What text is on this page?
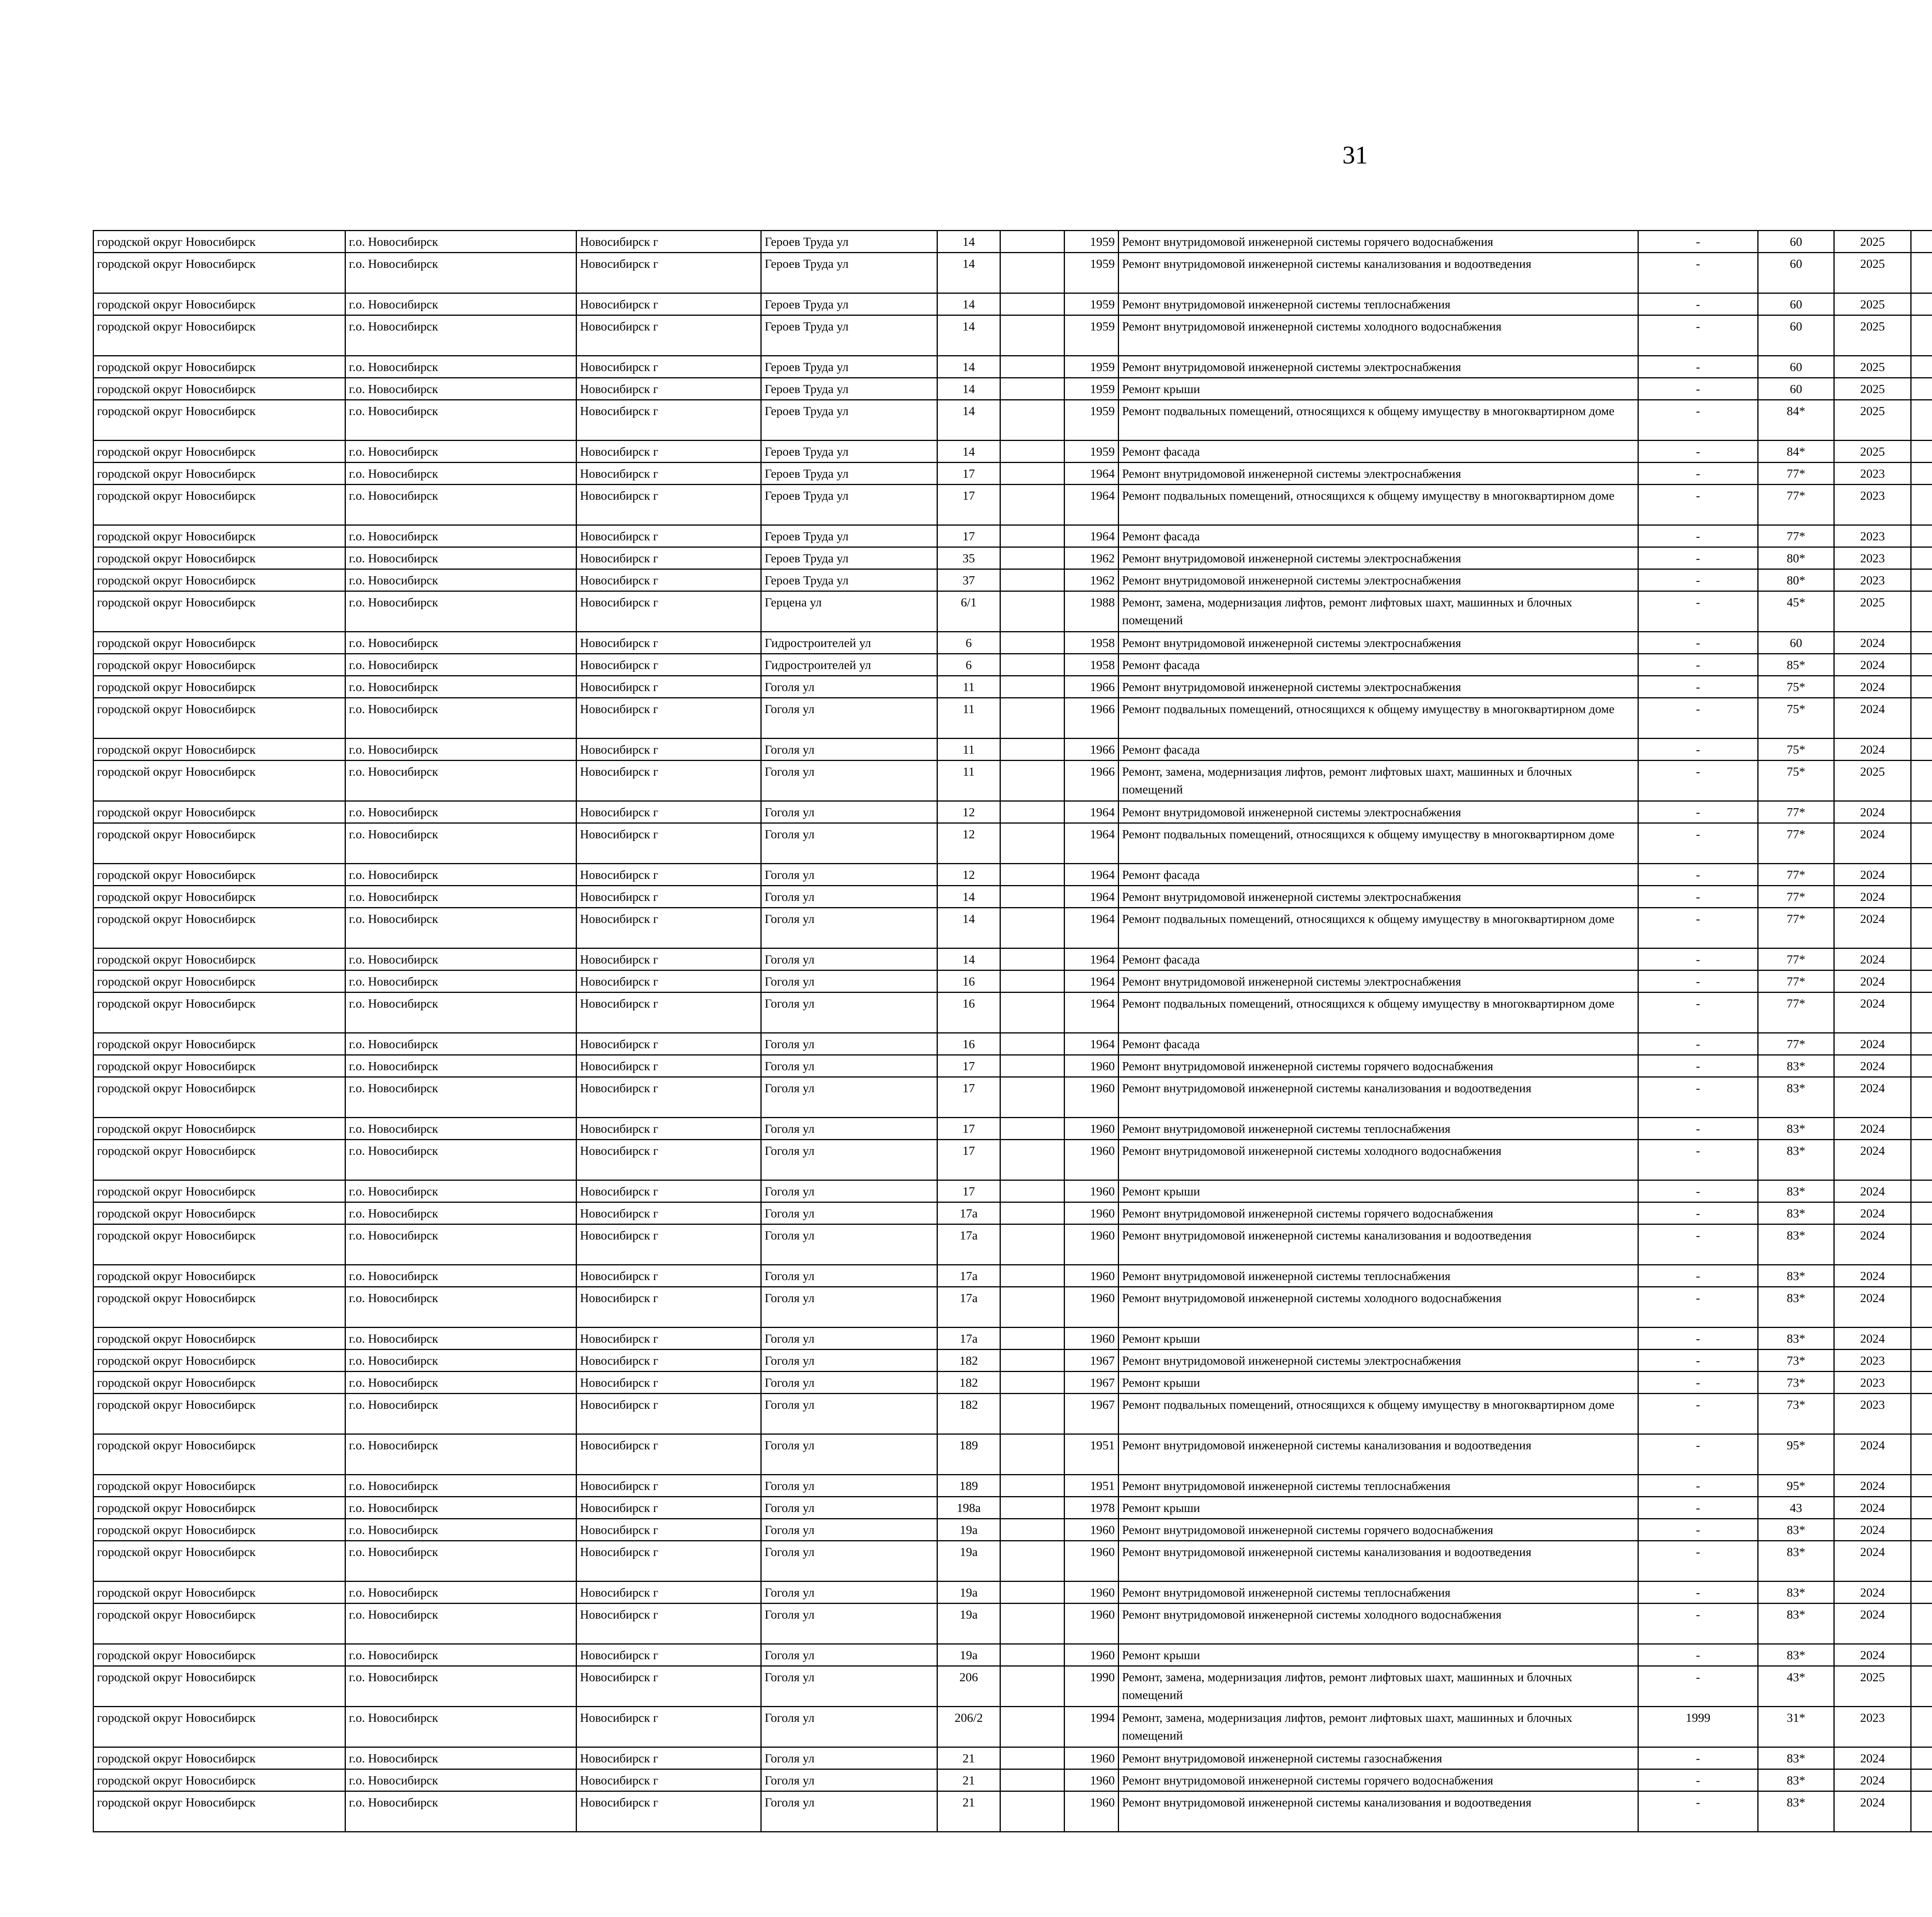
31
городской округ Новосибирск	г.о. Новосибирск	Новосибирск г	Героев Труда ул	14		1959	Ремонт внутридомовой инженерной системы горячего водоснабжения	-	60	2025							
городской округ Новосибирск	г.о. Новосибирск	Новосибирск г	Героев Труда ул	14		1959	Ремонт внутридомовой инженерной системы канализования и водоотведения	-	60	2025							
городской округ Новосибирск	г.о. Новосибирск	Новосибирск г	Героев Труда ул	14		1959	Ремонт внутридомовой инженерной системы теплоснабжения	-	60	2025							
городской округ Новосибирск	г.о. Новосибирск	Новосибирск г	Героев Труда ул	14		1959	Ремонт внутридомовой инженерной системы холодного водоснабжения	-	60	2025							
городской округ Новосибирск	г.о. Новосибирск	Новосибирск г	Героев Труда ул	14		1959	Ремонт внутридомовой инженерной системы электроснабжения	-	60	2025							
городской округ Новосибирск	г.о. Новосибирск	Новосибирск г	Героев Труда ул	14		1959	Ремонт крыши	-	60	2025							
городской округ Новосибирск	г.о. Новосибирск	Новосибирск г	Героев Труда ул	14		1959	Ремонт подвальных помещений, относящихся к общему имуществу в многоквартирном доме	-	84*	2025							
городской округ Новосибирск	г.о. Новосибирск	Новосибирск г	Героев Труда ул	14		1959	Ремонт фасада	-	84*	2025							
городской округ Новосибирск	г.о. Новосибирск	Новосибирск г	Героев Труда ул	17		1964	Ремонт внутридомовой инженерной системы электроснабжения	-	77*	2023							
городской округ Новосибирск	г.о. Новосибирск	Новосибирск г	Героев Труда ул	17		1964	Ремонт подвальных помещений, относящихся к общему имуществу в многоквартирном доме	-	77*	2023							
городской округ Новосибирск	г.о. Новосибирск	Новосибирск г	Героев Труда ул	17		1964	Ремонт фасада	-	77*	2023							
городской округ Новосибирск	г.о. Новосибирск	Новосибирск г	Героев Труда ул	35		1962	Ремонт внутридомовой инженерной системы электроснабжения	-	80*	2023							
городской округ Новосибирск	г.о. Новосибирск	Новосибирск г	Героев Труда ул	37		1962	Ремонт внутридомовой инженерной системы электроснабжения	-	80*	2023							
городской округ Новосибирск	г.о. Новосибирск	Новосибирск г	Герцена ул	6/1		1988	Ремонт, замена, модернизация лифтов, ремонт лифтовых шахт, машинных и блочных помещений	-	45*	2025							
городской округ Новосибирск	г.о. Новосибирск	Новосибирск г	Гидростроителей ул	6		1958	Ремонт внутридомовой инженерной системы электроснабжения	-	60	2024							
городской округ Новосибирск	г.о. Новосибирск	Новосибирск г	Гидростроителей ул	6		1958	Ремонт фасада	-	85*	2024							
городской округ Новосибирск	г.о. Новосибирск	Новосибирск г	Гоголя ул	11		1966	Ремонт внутридомовой инженерной системы электроснабжения	-	75*	2024							
городской округ Новосибирск	г.о. Новосибирск	Новосибирск г	Гоголя ул	11		1966	Ремонт подвальных помещений, относящихся к общему имуществу в многоквартирном доме	-	75*	2024							
городской округ Новосибирск	г.о. Новосибирск	Новосибирск г	Гоголя ул	11		1966	Ремонт фасада	-	75*	2024							
городской округ Новосибирск	г.о. Новосибирск	Новосибирск г	Гоголя ул	11		1966	Ремонт, замена, модернизация лифтов, ремонт лифтовых шахт, машинных и блочных помещений	-	75*	2025							
городской округ Новосибирск	г.о. Новосибирск	Новосибирск г	Гоголя ул	12		1964	Ремонт внутридомовой инженерной системы электроснабжения	-	77*	2024							
городской округ Новосибирск	г.о. Новосибирск	Новосибирск г	Гоголя ул	12		1964	Ремонт подвальных помещений, относящихся к общему имуществу в многоквартирном доме	-	77*	2024							
городской округ Новосибирск	г.о. Новосибирск	Новосибирск г	Гоголя ул	12		1964	Ремонт фасада	-	77*	2024							
городской округ Новосибирск	г.о. Новосибирск	Новосибирск г	Гоголя ул	14		1964	Ремонт внутридомовой инженерной системы электроснабжения	-	77*	2024							
городской округ Новосибирск	г.о. Новосибирск	Новосибирск г	Гоголя ул	14		1964	Ремонт подвальных помещений, относящихся к общему имуществу в многоквартирном доме	-	77*	2024							
городской округ Новосибирск	г.о. Новосибирск	Новосибирск г	Гоголя ул	14		1964	Ремонт фасада	-	77*	2024							
городской округ Новосибирск	г.о. Новосибирск	Новосибирск г	Гоголя ул	16		1964	Ремонт внутридомовой инженерной системы электроснабжения	-	77*	2024							
городской округ Новосибирск	г.о. Новосибирск	Новосибирск г	Гоголя ул	16		1964	Ремонт подвальных помещений, относящихся к общему имуществу в многоквартирном доме	-	77*	2024							
городской округ Новосибирск	г.о. Новосибирск	Новосибирск г	Гоголя ул	16		1964	Ремонт фасада	-	77*	2024							
городской округ Новосибирск	г.о. Новосибирск	Новосибирск г	Гоголя ул	17		1960	Ремонт внутридомовой инженерной системы горячего водоснабжения	-	83*	2024							
городской округ Новосибирск	г.о. Новосибирск	Новосибирск г	Гоголя ул	17		1960	Ремонт внутридомовой инженерной системы канализования и водоотведения	-	83*	2024							
городской округ Новосибирск	г.о. Новосибирск	Новосибирск г	Гоголя ул	17		1960	Ремонт внутридомовой инженерной системы теплоснабжения	-	83*	2024							
городской округ Новосибирск	г.о. Новосибирск	Новосибирск г	Гоголя ул	17		1960	Ремонт внутридомовой инженерной системы холодного водоснабжения	-	83*	2024							
городской округ Новосибирск	г.о. Новосибирск	Новосибирск г	Гоголя ул	17		1960	Ремонт крыши	-	83*	2024							
городской округ Новосибирск	г.о. Новосибирск	Новосибирск г	Гоголя ул	17а		1960	Ремонт внутридомовой инженерной системы горячего водоснабжения	-	83*	2024							
городской округ Новосибирск	г.о. Новосибирск	Новосибирск г	Гоголя ул	17а		1960	Ремонт внутридомовой инженерной системы канализования и водоотведения	-	83*	2024							
городской округ Новосибирск	г.о. Новосибирск	Новосибирск г	Гоголя ул	17а		1960	Ремонт внутридомовой инженерной системы теплоснабжения	-	83*	2024							
городской округ Новосибирск	г.о. Новосибирск	Новосибирск г	Гоголя ул	17а		1960	Ремонт внутридомовой инженерной системы холодного водоснабжения	-	83*	2024							
городской округ Новосибирск	г.о. Новосибирск	Новосибирск г	Гоголя ул	17а		1960	Ремонт крыши	-	83*	2024							
городской округ Новосибирск	г.о. Новосибирск	Новосибирск г	Гоголя ул	182		1967	Ремонт внутридомовой инженерной системы электроснабжения	-	73*	2023							
городской округ Новосибирск	г.о. Новосибирск	Новосибирск г	Гоголя ул	182		1967	Ремонт крыши	-	73*	2023							
городской округ Новосибирск	г.о. Новосибирск	Новосибирск г	Гоголя ул	182		1967	Ремонт подвальных помещений, относящихся к общему имуществу в многоквартирном доме	-	73*	2023							
городской округ Новосибирск	г.о. Новосибирск	Новосибирск г	Гоголя ул	189		1951	Ремонт внутридомовой инженерной системы канализования и водоотведения	-	95*	2024							
городской округ Новосибирск	г.о. Новосибирск	Новосибирск г	Гоголя ул	189		1951	Ремонт внутридомовой инженерной системы теплоснабжения	-	95*	2024							
городской округ Новосибирск	г.о. Новосибирск	Новосибирск г	Гоголя ул	198а		1978	Ремонт крыши	-	43	2024							
городской округ Новосибирск	г.о. Новосибирск	Новосибирск г	Гоголя ул	19а		1960	Ремонт внутридомовой инженерной системы горячего водоснабжения	-	83*	2024							
городской округ Новосибирск	г.о. Новосибирск	Новосибирск г	Гоголя ул	19а		1960	Ремонт внутридомовой инженерной системы канализования и водоотведения	-	83*	2024							
городской округ Новосибирск	г.о. Новосибирск	Новосибирск г	Гоголя ул	19а		1960	Ремонт внутридомовой инженерной системы теплоснабжения	-	83*	2024							
городской округ Новосибирск	г.о. Новосибирск	Новосибирск г	Гоголя ул	19а		1960	Ремонт внутридомовой инженерной системы холодного водоснабжения	-	83*	2024							
городской округ Новосибирск	г.о. Новосибирск	Новосибирск г	Гоголя ул	19а		1960	Ремонт крыши	-	83*	2024							
городской округ Новосибирск	г.о. Новосибирск	Новосибирск г	Гоголя ул	206		1990	Ремонт, замена, модернизация лифтов, ремонт лифтовых шахт, машинных и блочных помещений	-	43*	2025							
городской округ Новосибирск	г.о. Новосибирск	Новосибирск г	Гоголя ул	206/2		1994	Ремонт, замена, модернизация лифтов, ремонт лифтовых шахт, машинных и блочных помещений	1999	31*	2023							
городской округ Новосибирск	г.о. Новосибирск	Новосибирск г	Гоголя ул	21		1960	Ремонт внутридомовой инженерной системы газоснабжения	-	83*	2024							
городской округ Новосибирск	г.о. Новосибирск	Новосибирск г	Гоголя ул	21		1960	Ремонт внутридомовой инженерной системы горячего водоснабжения	-	83*	2024							
городской округ Новосибирск	г.о. Новосибирск	Новосибирск г	Гоголя ул	21		1960	Ремонт внутридомовой инженерной системы канализования и водоотведения	-	83*	2024							
